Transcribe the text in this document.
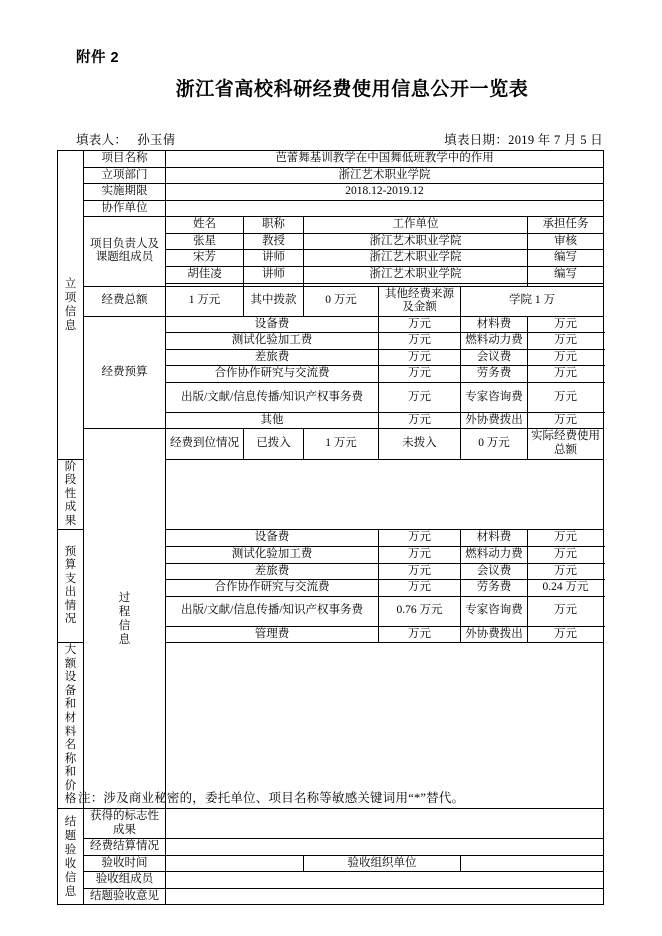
附件 2
浙江省高校科研经费使用信息公开一览表
填表人： 孙玉倩	填表日期：2019 年 7 月 5 日
立项信息	项目名称	芭蕾舞基训教学在中国舞低班教学中的作用						
	立项部门	浙江艺术职业学院						
	实施期限	2018.12-2019.12						
	协作单位							
	项目负责人及课题组成员	姓名	职称	工作单位			承担任务	
		张星	教授	浙江艺术职业学院			审核	
		宋芳	讲师	浙江艺术职业学院			编写	
		胡佳凌	讲师	浙江艺术职业学院			编写	

	经费总额	1 万元	其中拨款	0 万元	其他经费来源及金额	学院 1 万		
	经费预算	设备费			万元	材料费	万元	
		测试化验加工费			万元	燃料动力费	万元	
		差旅费			万元	会议费	万元	
		合作协作研究与交流费			万元	劳务费	万元	
		出版/文献/信息传播/知识产权事务费			万元	专家咨询费	万元	
		其他			万元	外协费拨出	万元	

	过程信息	经费到位情况	已拨入	1 万元	未拨入	0 万元	实际经费使用总额	
阶段性成果								
预算支出情况		设备费			万元	材料费	万元	
		测试化验加工费			万元	燃料动力费	万元	
		差旅费			万元	会议费	万元	
		合作协作研究与交流费			万元	劳务费	0.24 万元	
		出版/文献/信息传播/知识产权事务费			0.76 万元	专家咨询费	万元	
		管理费			万元	外协费拨出	万元	
大额设备和材料名称和价格								

结题验收信息	获得的标志性成果							
	经费结算情况							
	验收时间			验收组织单位				
	验收组成员							
	结题验收意见							
注：涉及商业秘密的，委托单位、项目名称等敏感关键词用“*”替代。
